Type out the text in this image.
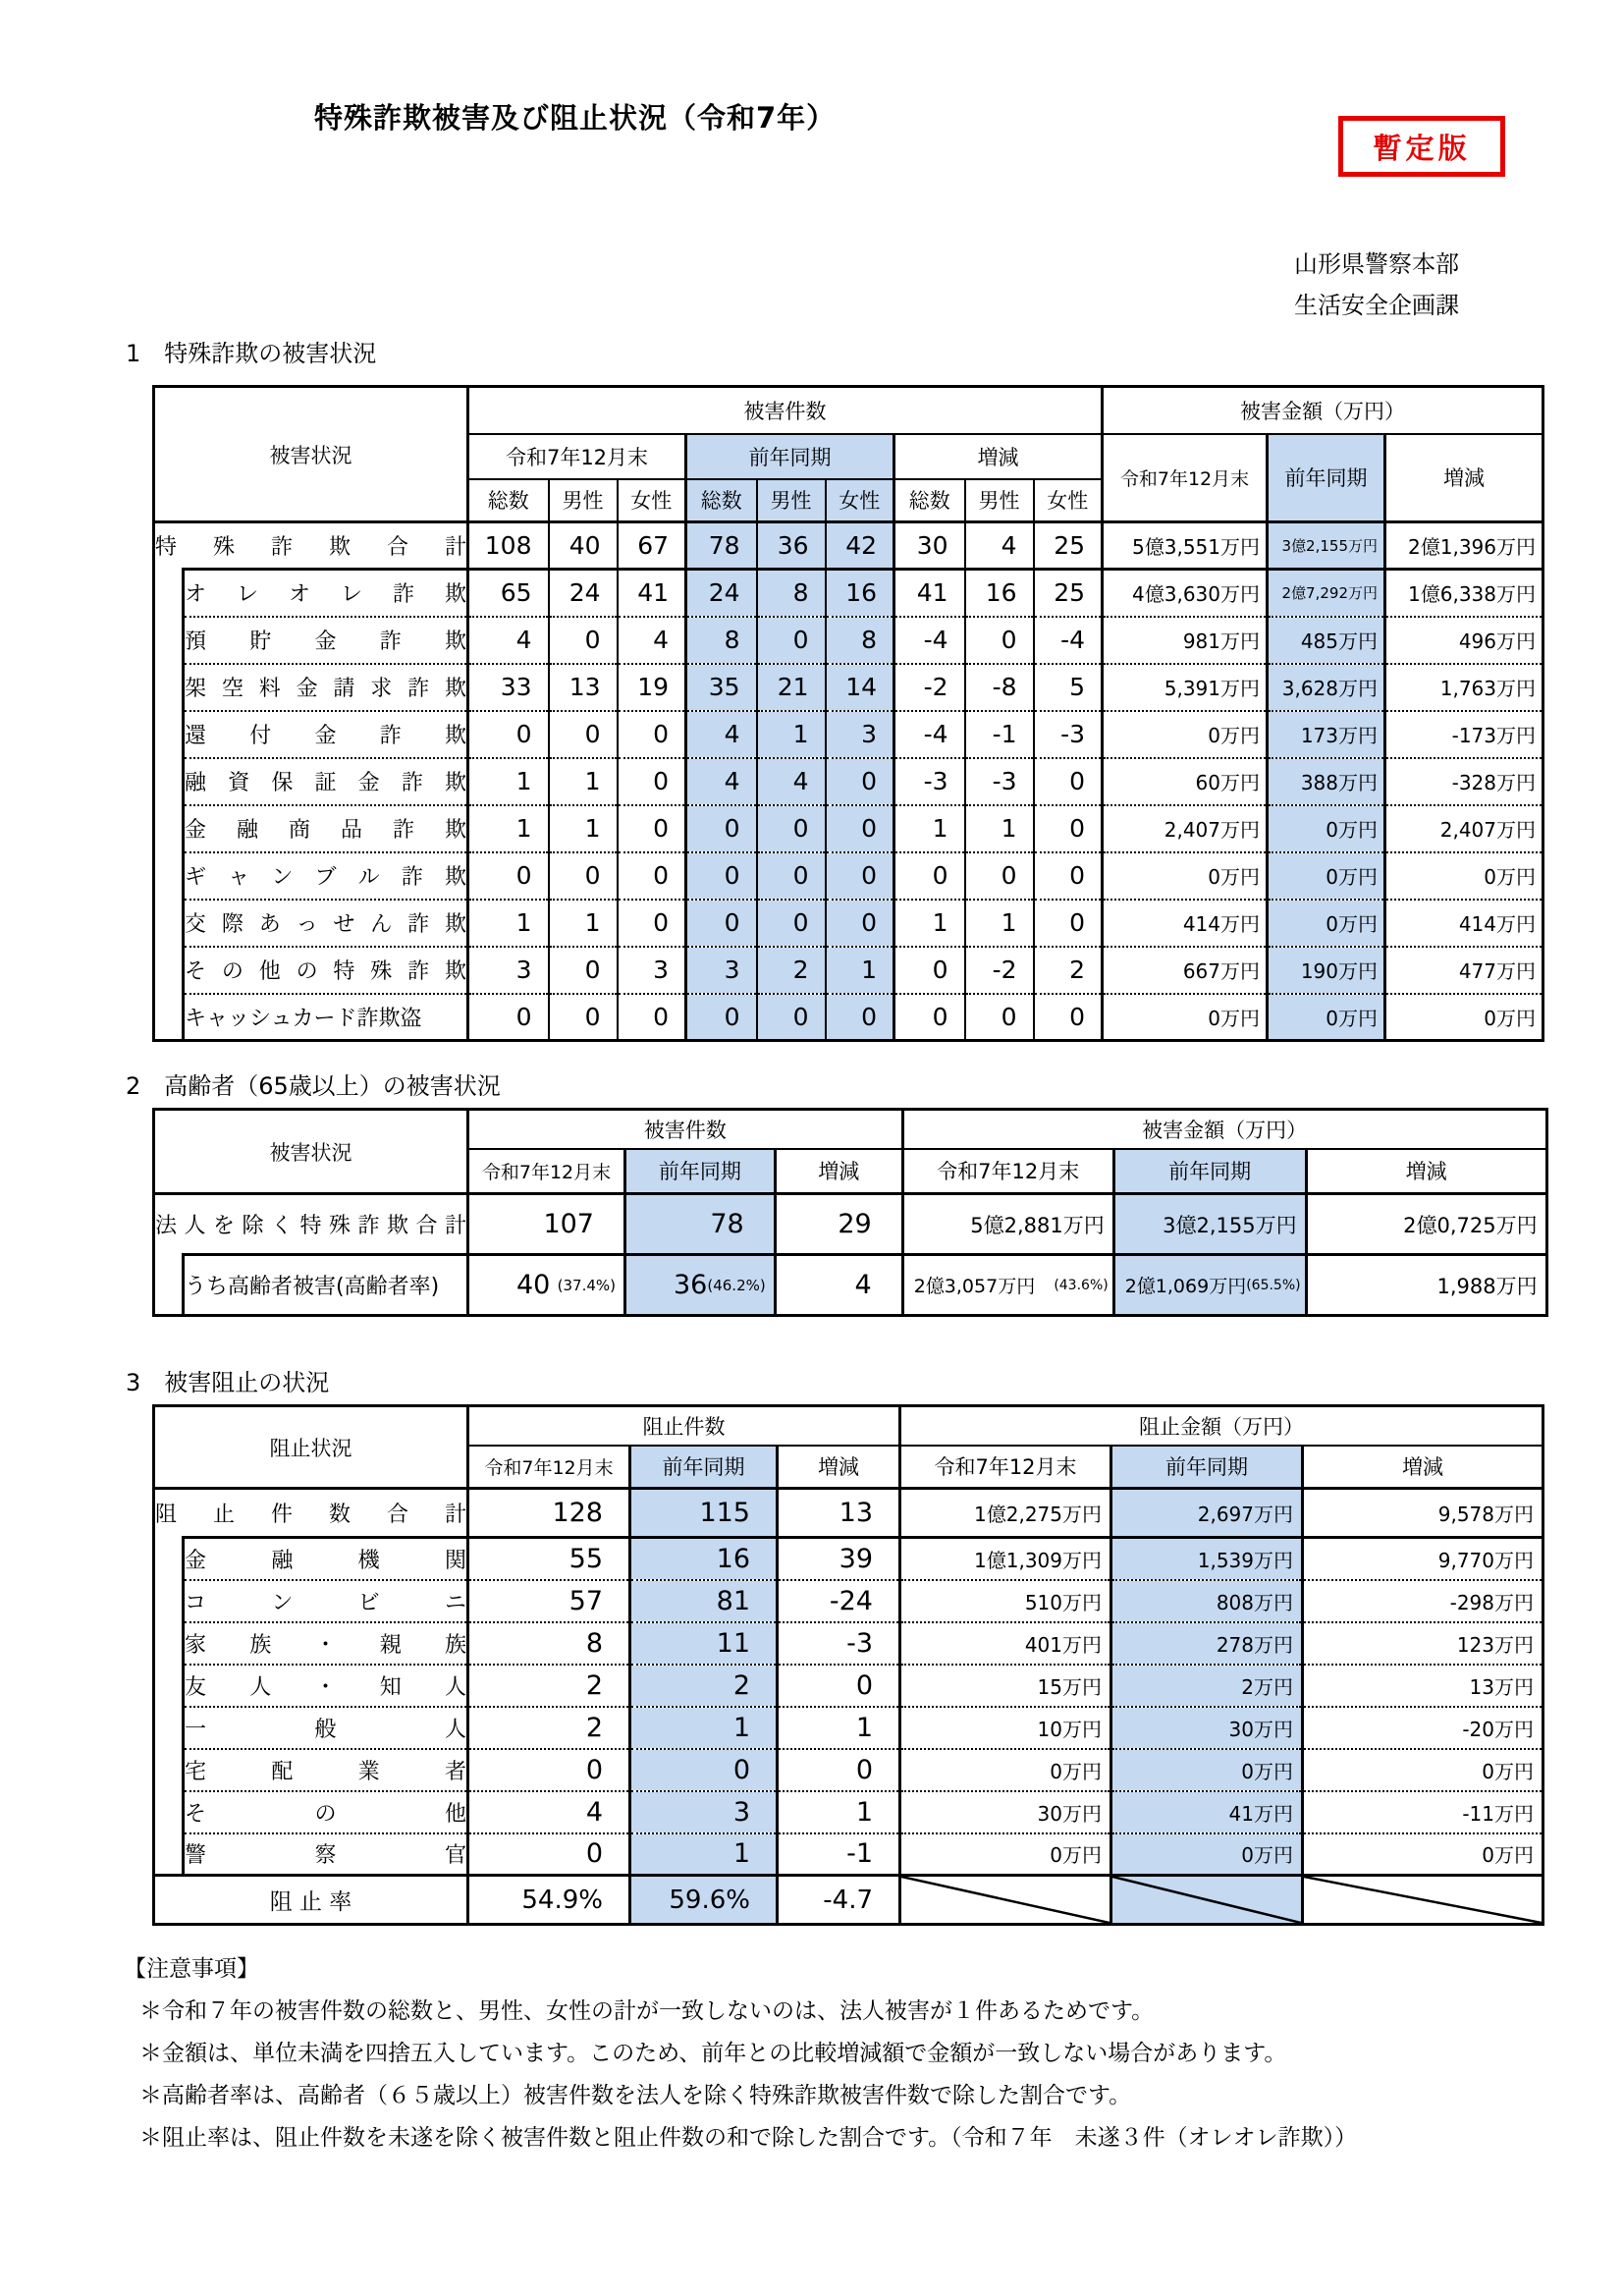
暫定版
特殊詐欺被害及び阻止状況（令和7年）
山形県警察本部
生活安全企画課
1　特殊詐欺の被害状況
被害状況		被害件数									被害金額（万円）		
		令和7年12月末			前年同期			増減			令和7年12月末	前年同期	増減
		総数	男性	女性	総数	男性	女性	総数	男性	女性			
特 殊 詐 欺 合 計		108	40	67	78	36	42	30	4	25	5億3,551万円	3億2,155万円	2億1,396万円
	オ レ オ レ 詐 欺	65	24	41	24	8	16	41	16	25	4億3,630万円	2億7,292万円	1億6,338万円
	預 貯 金 詐 欺	4	0	4	8	0	8	-4	0	-4	981万円	485万円	496万円
	架 空 料 金 請 求 詐 欺	33	13	19	35	21	14	-2	-8	5	5,391万円	3,628万円	1,763万円
	還 付 金 詐 欺	0	0	0	4	1	3	-4	-1	-3	0万円	173万円	-173万円
	融 資 保 証 金 詐 欺	1	1	0	4	4	0	-3	-3	0	60万円	388万円	-328万円
	金 融 商 品 詐 欺	1	1	0	0	0	0	1	1	0	2,407万円	0万円	2,407万円
	ギ ャ ン ブ ル 詐 欺	0	0	0	0	0	0	0	0	0	0万円	0万円	0万円
	交 際 あ っ せ ん 詐 欺	1	1	0	0	0	0	1	1	0	414万円	0万円	414万円
	そ の 他 の 特 殊 詐 欺	3	0	3	3	2	1	0	-2	2	667万円	190万円	477万円
	キャッシュカード詐欺盗	0	0	0	0	0	0	0	0	0	0万円	0万円	0万円
2　高齢者（65歳以上）の被害状況
被害状況		被害件数			被害金額（万円）		
		令和7年12月末	前年同期	増減	令和7年12月末	前年同期	増減
法 人 を 除 く 特 殊 詐 欺 合 計		107	78	29	5億2,881万円	3億2,155万円	2億0,725万円
	うち高齢者被害(高齢者率)	40 (37.4%)	36 (46.2%)	4	2億3,057万円 (43.6%)	2億1,069万円 (65.5%)	1,988万円
3　被害阻止の状況
阻止状況		阻止件数			阻止金額（万円）		
		令和7年12月末	前年同期	増減	令和7年12月末	前年同期	増減
阻 止 件 数 合 計		128	115	13	1億2,275万円	2,697万円	9,578万円
	金 融 機 関	55	16	39	1億1,309万円	1,539万円	9,770万円
	コ ン ビ ニ	57	81	-24	510万円	808万円	-298万円
	家 族 ・ 親 族	8	11	-3	401万円	278万円	123万円
	友 人 ・ 知 人	2	2	0	15万円	2万円	13万円
	一 般 人	2	1	1	10万円	30万円	-20万円
	宅 配 業 者	0	0	0	0万円	0万円	0万円
	そ の 他	4	3	1	30万円	41万円	-11万円
	警 察 官	0	1	-1	0万円	0万円	0万円
阻 止 率		54.9%	59.6%	-4.7	

【注意事項】
＊令和７年の被害件数の総数と、男性、女性の計が一致しないのは、法人被害が１件あるためです。
＊金額は、単位未満を四捨五入しています。このため、前年との比較増減額で金額が一致しない場合があります。
＊高齢者率は、高齢者（６５歳以上）被害件数を法人を除く特殊詐欺被害件数で除した割合です。
＊阻止率は、阻止件数を未遂を除く被害件数と阻止件数の和で除した割合です。（令和７年　未遂３件（オレオレ詐欺））
